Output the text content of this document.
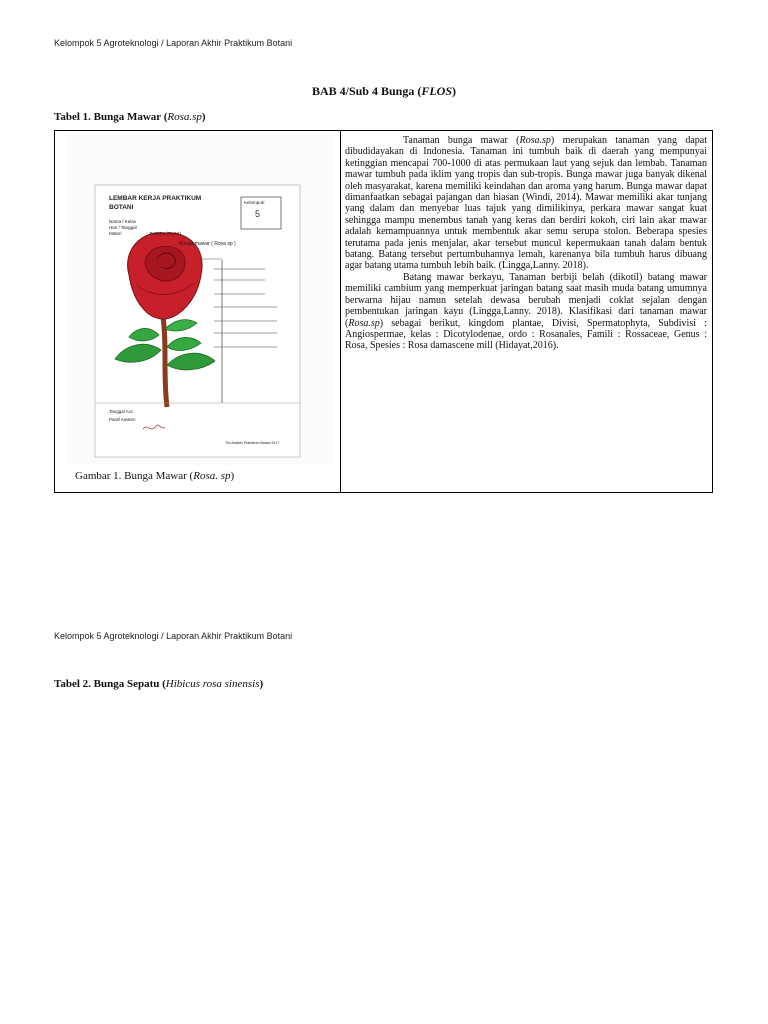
Kelompok 5 Agroteknologi / Laporan Akhir Praktikum Botani
BAB 4/Sub 4 Bunga (FLOS)
Tabel 1. Bunga Mawar (Rosa.sp)
LEMBAR KERJA PRAKTIKUM
BOTANI
Kelompok:
5
Nama / Kelas
Hari / Tanggal
Materi	: BUNGA (FLOS)
Bunga mawar ( Rosa sp )
Tanggal Acc
Paraf Asisten
Tim Asisten Praktikum Botani 2017
Gambar 1. Bunga Mawar (Rosa. sp)

Tanaman bunga mawar (Rosa.sp) merupakan tanaman yang dapat dibudidayakan di Indonesia. Tanaman ini tumbuh baik di daerah yang mempunyai ketinggian mencapai 700-1000 di atas permukaan laut yang sejuk dan lembab. Tanaman mawar tumbuh pada iklim yang tropis dan sub-tropis. Bunga mawar juga banyak dikenal oleh masyarakat, karena memiliki keindahan dan aroma yang harum. Bunga mawar dapat dimanfaatkan sebagai pajangan dan hiasan (Windi, 2014). Mawar memiliki akar tunjang yang dalam dan menyebar luas tajuk yang dimilikinya, perkara mawar sangat kuat sehingga mampu menembus tanah yang keras dan berdiri kokoh, ciri lain akar mawar adalah kemampuannya untuk membentuk akar semu serupa stolon. Beberapa spesies terutama pada jenis menjalar, akar tersebut muncul kepermukaan tanah dalam bentuk batang. Batang tersebut pertumbuhannya lemah, karenanya bila tumbuh harus dibuang agar batang utama tumbuh lebih baik. (Lingga,Lanny. 2018).

Batang mawar berkayu, Tanaman berbiji belah (dikotil) batang mawar memiliki cambium yang memperkuat jaringan batang saat masih muda batang umumnya berwarna hijau namun setelah dewasa berubah menjadi coklat sejalan dengan pembentukan jaringan kayu (Lingga,Lanny. 2018). Klasifikasi dari tanaman mawar (Rosa.sp) sebagai berikut, kingdom plantae, Divisi, Spermatophyta, Subdivisi : Angiospermae, kelas : Dicotylodenae, ordo : Rosanales, Famili : Rossaceae, Genus : Rosa, Spesies : Rosa damascene mill (Hidayat,2016).

Kelompok 5 Agroteknologi / Laporan Akhir Praktikum Botani
Tabel 2. Bunga Sepatu (Hibicus rosa sinensis)
